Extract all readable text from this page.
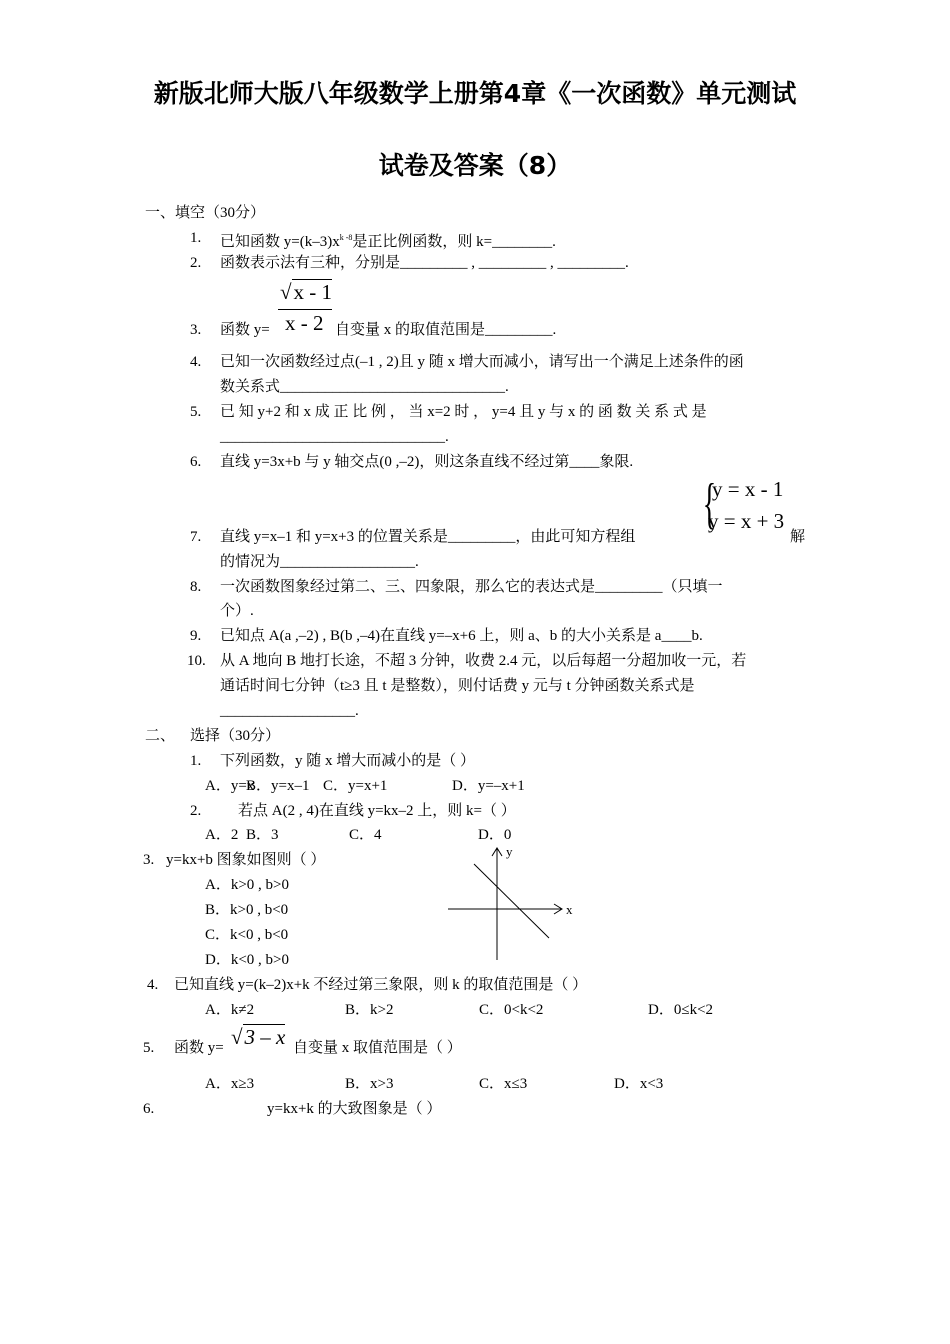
新版北师大版八年级数学上册第4章《一次函数》单元测试
试卷及答案（8）
一、填空（30分）
1. 已知函数 $y=(k-3)x^{k -8}$是正比例函数，则 k=________.
2. 函数表示法有三种，分别是_________ , _________ , _________.
√x - 1
x - 2
3. 函数 y=	自变量 x 的取值范围是_________.
4. 已知一次函数经过点(–1 , 2)且 y 随 x 增大而减小，请写出一个满足上述条件的函
数关系式______________________________.
5. 已 知 y+2 和 x 成 正 比 例 ， 当 x=2 时 ， y=4 且 y 与 x 的 函 数 关 系 式 是
______________________________.
6. 直线 y=3x+b 与 y 轴交点(0 ,–2)，则这条直线不经过第____象限.
{
y = x - 1
y = x + 3
7. 直线 y=x–1 和 y=x+3 的位置关系是_________，由此可知方程组	解
的情况为__________________.
8. 一次函数图象经过第二、三、四象限，那么它的表达式是_________（只填一
个）.
9. 已知点 A(a ,–2) , B(b ,–4)在直线 y=–x+6 上，则 a、b 的大小关系是 a____b.
10. 从 A 地向 B 地打长途，不超 3 分钟，收费 2.4 元，以后每超一分超加收一元，若
通话时间七分钟（t≥3 且 t 是整数），则付话费 y 元与 t 分钟函数关系式是
__________________.
二、 选择（30分）
1. 下列函数，y 随 x 增大而减小的是（ ）
A．y=x
B．y=x–1 C．y=x+1	D．y=–x+1
2. 若点 A(2 , 4)在直线 y=kx–2 上，则 k=（ ）
A．2 B．3	C．4	D．0
3. y=kx+b 图象如图则（ ）
A．k>0 , b>0
B．k>0 , b<0
C．k<0 , b<0
D．k<0 , b>0
y
x
4. 已知直线 y=(k–2)x+k 不经过第三象限，则 k 的取值范围是（ ）
A．k≠2	B．k>2	C．0<k<2	D．0≤k<2
5. 函数 y= √3 – x 自变量 x 取值范围是（ ）
A．x≥3	B．x>3	C．x≤3	D．x<3
6.	y=kx+k 的大致图象是（ ）
